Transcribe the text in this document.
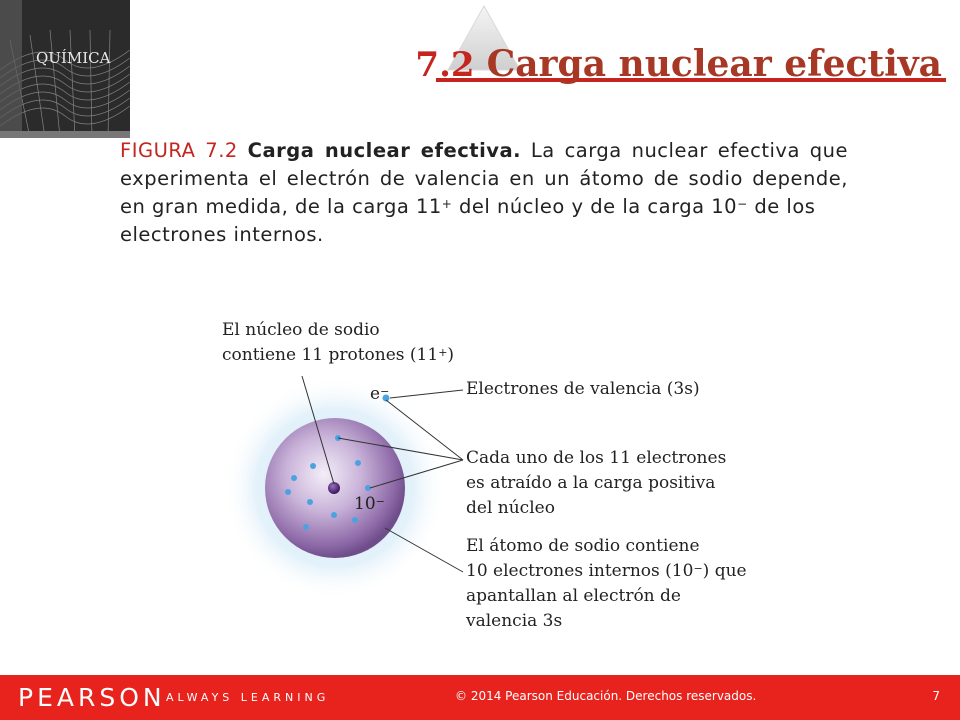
QUÍMICA	7.2 Carga nuclear efectiva
FIGURA 7.2 Carga nuclear efectiva. La carga nuclear efectiva que experimenta el electrón de valencia en un átomo de sodio depende, en gran medida, de la carga 11+ del núcleo y de la carga 10− de los
electrones internos.
El núcleo de sodio
contiene 11 protones (11+)
e−
10−
Electrones de valencia (3s)
Cada uno de los 11 electrones
es atraído a la carga positiva
del núcleo
El átomo de sodio contiene
10 electrones internos (10−) que
apantallan al electrón de
valencia 3s
PEARSON ALWAYS LEARNING	© 2014 Pearson Educación. Derechos reservados.	7
